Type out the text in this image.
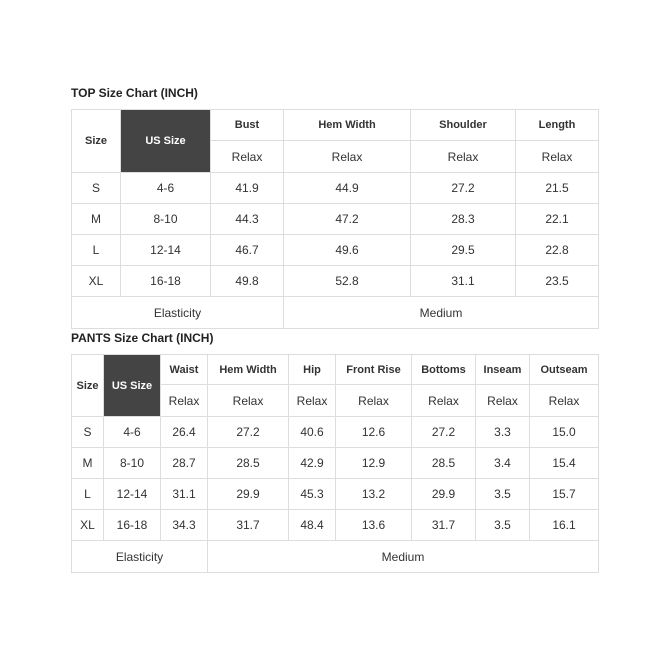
TOP Size Chart (INCH)
Size	US Size	Bust	Hem Width	Shoulder	Length
		Relax	Relax	Relax	Relax
S	4-6	41.9	44.9	27.2	21.5
M	8-10	44.3	47.2	28.3	22.1
L	12-14	46.7	49.6	29.5	22.8
XL	16-18	49.8	52.8	31.1	23.5
Elasticity			Medium		
PANTS Size Chart (INCH)
Size	US Size	Waist	Hem Width	Hip	Front Rise	Bottoms	Inseam	Outseam
		Relax	Relax	Relax	Relax	Relax	Relax	Relax
S	4-6	26.4	27.2	40.6	12.6	27.2	3.3	15.0
M	8-10	28.7	28.5	42.9	12.9	28.5	3.4	15.4
L	12-14	31.1	29.9	45.3	13.2	29.9	3.5	15.7
XL	16-18	34.3	31.7	48.4	13.6	31.7	3.5	16.1
Elasticity			Medium					
